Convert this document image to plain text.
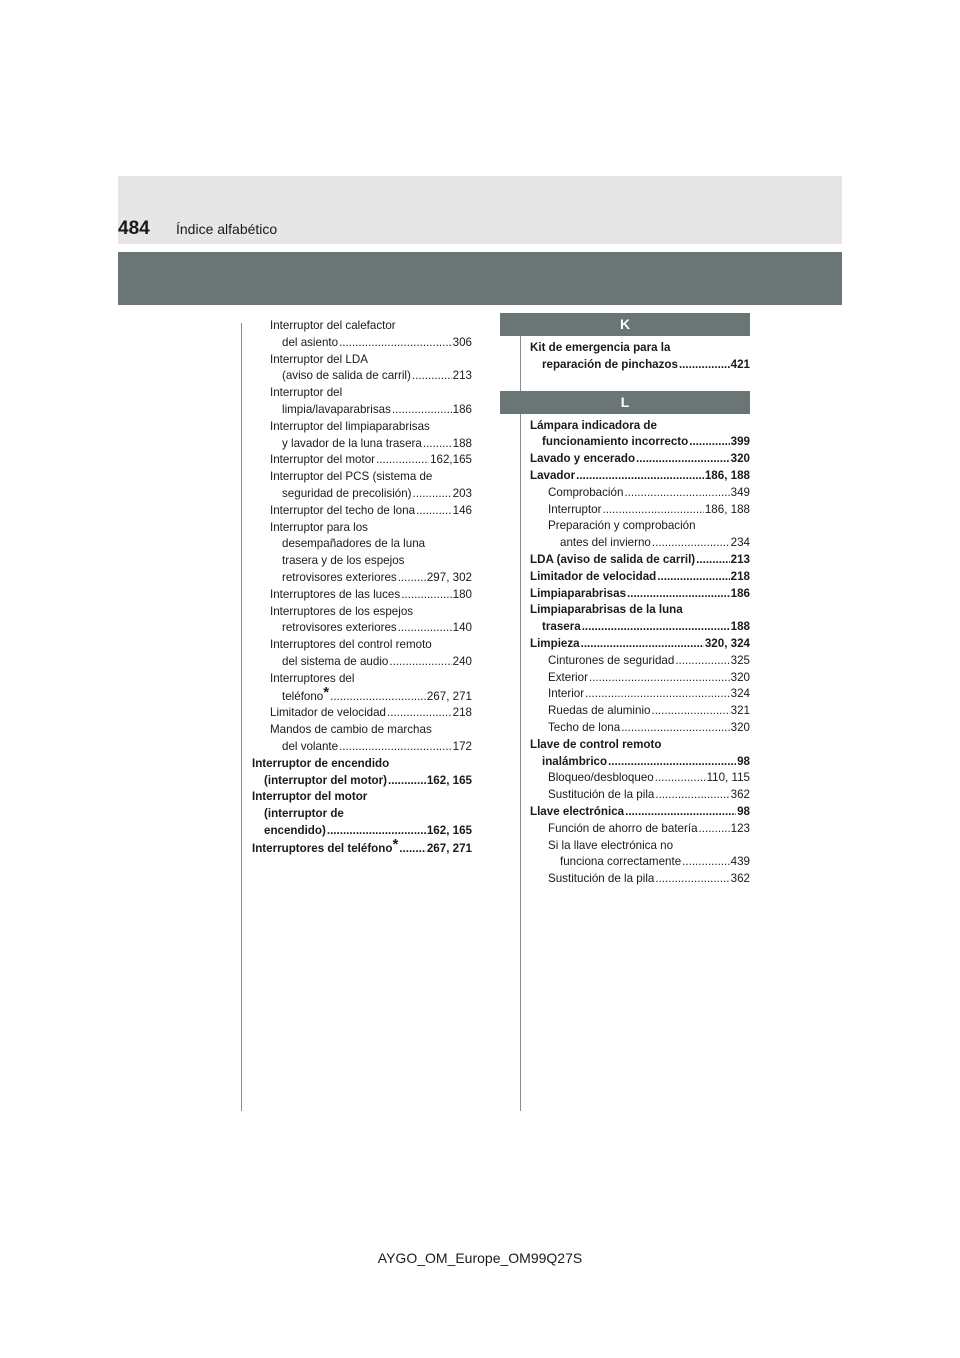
484 Índice alfabético
Interruptor del calefactor
del asiento .....	306
Interruptor del LDA
(aviso de salida de carril) .....	213
Interruptor del
limpia/lavaparabrisas .....	186
Interruptor del limpiaparabrisas
y lavador de la luna trasera .....	188
Interruptor del motor .....	162,165
Interruptor del PCS (sistema de
seguridad de precolisión) .....	203
Interruptor del techo de lona .....	146
Interruptor para los
desempañadores de la luna
trasera y de los espejos
retrovisores exteriores .....	297, 302
Interruptores de las luces .....	180
Interruptores de los espejos
retrovisores exteriores .....	140
Interruptores del control remoto
del sistema de audio .....	240
Interruptores del
teléfono* .....	267, 271
Limitador de velocidad .....	218
Mandos de cambio de marchas
del volante .....	172
Interruptor de encendido
(interruptor del motor) .....	162, 165
Interruptor del motor
(interruptor de
encendido) .....	162, 165
Interruptores del teléfono* ..... 267, 271
K
Kit de emergencia para la
reparación de pinchazos .....	421
L
Lámpara indicadora de
funcionamiento incorrecto .....	399
Lavado y encerado .....	320
Lavador .....	186, 188
Comprobación .....	349
Interruptor .....	186, 188
Preparación y comprobación
antes del invierno .....	234
LDA (aviso de salida de carril) .....	213
Limitador de velocidad .....	218
Limpiaparabrisas .....	186
Limpiaparabrisas de la luna
trasera .....	188
Limpieza .....	320, 324
Cinturones de seguridad .....	325
Exterior .....	320
Interior .....	324
Ruedas de aluminio .....	321
Techo de lona .....	320
Llave de control remoto
inalámbrico .....	98
Bloqueo/desbloqueo .....	110, 115
Sustitución de la pila .....	362
Llave electrónica .....	98
Función de ahorro de batería .....	123
Si la llave electrónica no
funciona correctamente .....	439
Sustitución de la pila .....	362
AYGO_OM_Europe_OM99Q27S
